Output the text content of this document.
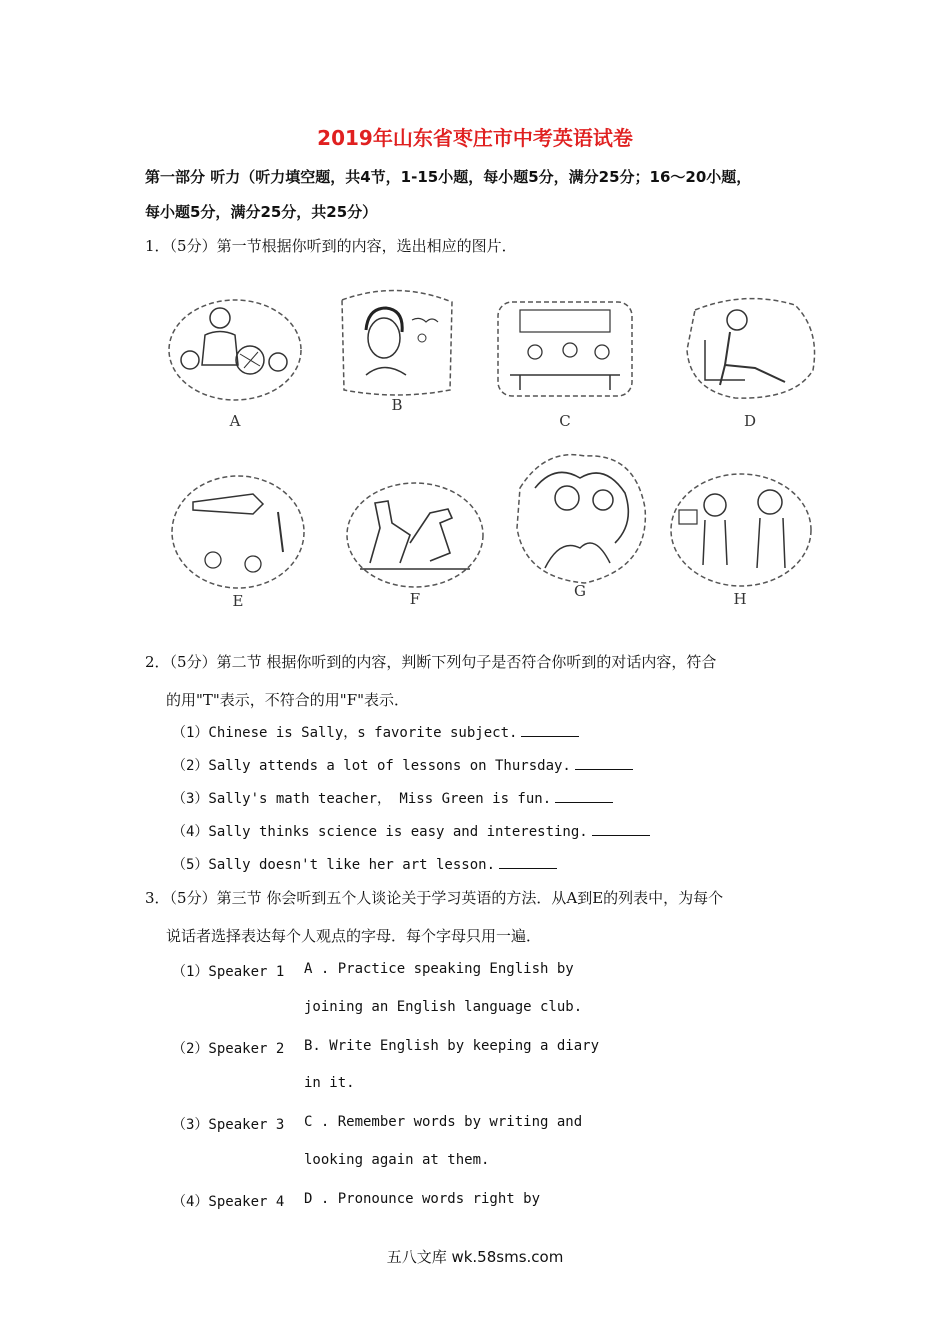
2019年山东省枣庄市中考英语试卷
第一部分 听力（听力填空题，共4节，1-15小题，每小题5分，满分25分；16～20小题，
每小题5分，满分25分，共25分）
1．（5分）第一节根据你听到的内容，选出相应的图片．
A
B
C	D
E	F	G	H
2．（5分）第二节 根据你听到的内容，判断下列句子是否符合你听到的对话内容，符合
的用"T"表示，不符合的用"F"表示．
（1）Chinese is Sally，s favorite subject.
（2）Sally attends a lot of lessons on Thursday.
（3）Sally's math teacher， Miss Green is fun.
（4）Sally thinks science is easy and interesting.
（5）Sally doesn't like her art lesson.
3．（5分）第三节 你会听到五个人谈论关于学习英语的方法．从A到E的列表中，为每个
说话者选择表达每个人观点的字母．每个字母只用一遍．
（1）Speaker 1 A . Practice speaking English by
joining an English language club.
（2）Speaker 2 B. Write English by keeping a diary
in it.
（3）Speaker 3 C . Remember words by writing and
looking again at them.
（4）Speaker 4 D . Pronounce words right by
五八文库 wk.58sms.com
